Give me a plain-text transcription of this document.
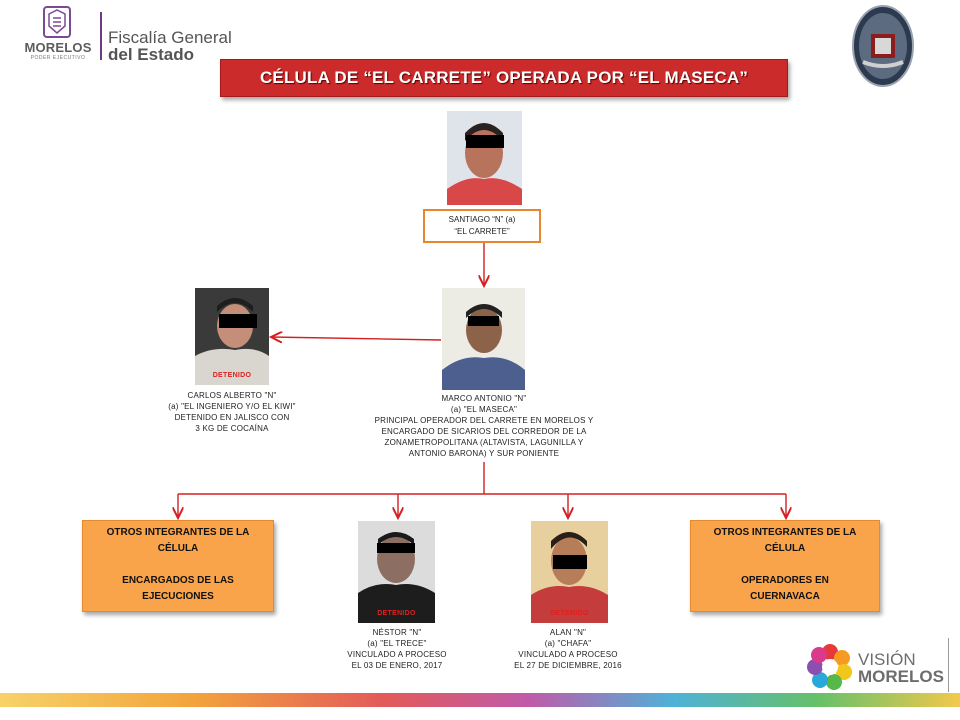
MORELOS
PODER EJECUTIVO
Fiscalía General
del Estado
CÉLULA DE “EL CARRETE” OPERADA POR “EL MASECA”
SANTIAGO “N” (a)
“EL CARRETE”
MARCO ANTONIO "N"
(a) "EL MASECA"
PRINCIPAL OPERADOR DEL CARRETE EN MORELOS Y
ENCARGADO DE SICARIOS DEL CORREDOR DE LA
ZONAMETROPOLITANA (ALTAVISTA, LAGUNILLA Y
ANTONIO BARONA) Y SUR PONIENTE
DETENIDO
CARLOS ALBERTO "N"
(a) "EL INGENIERO Y/O EL KIWI"
DETENIDO EN JALISCO CON
3 KG DE COCAÍNA
OTROS INTEGRANTES DE LA
CÉLULA
ENCARGADOS DE LAS
EJECUCIONES
DETENIDO
NÉSTOR "N"
(a) "EL TRECE"
VINCULADO A PROCESO
EL 03 DE ENERO, 2017
DETENIDO
ALAN "N"
(a) "CHAFA"
VINCULADO A PROCESO
EL 27 DE DICIEMBRE, 2016
OTROS INTEGRANTES DE LA
CÉLULA
OPERADORES EN
CUERNAVACA
VISIÓN
MORELOS
